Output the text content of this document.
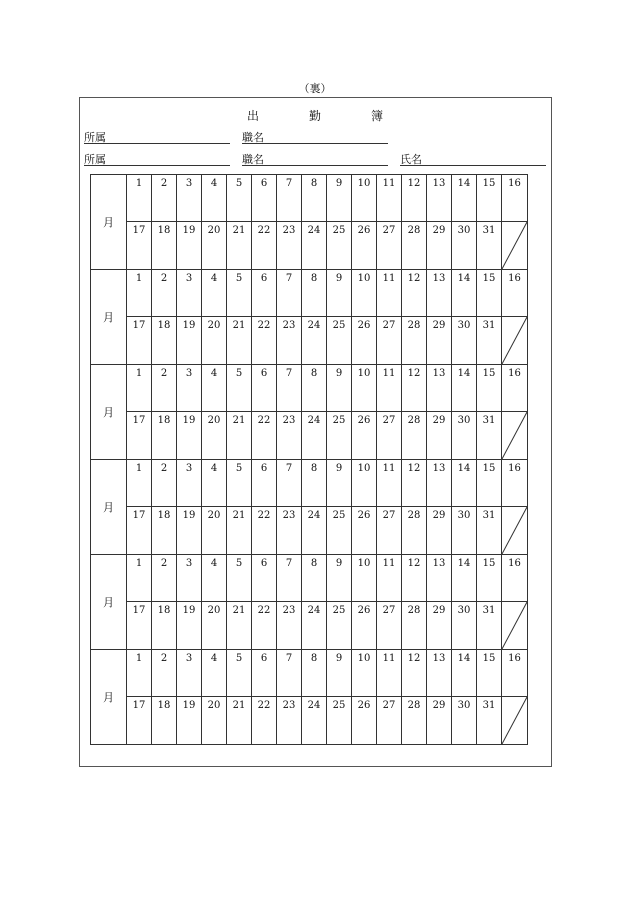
（裏）
出	勤	簿
所属	職名
所属	職名	氏名
月	1	2	3	4	5	6	7	8	9	10	11	12	13	14	15	16
	17	18	19	20	21	22	23	24	25	26	27	28	29	30	31	

月	1	2	3	4	5	6	7	8	9	10	11	12	13	14	15	16
	17	18	19	20	21	22	23	24	25	26	27	28	29	30	31	

月	1	2	3	4	5	6	7	8	9	10	11	12	13	14	15	16
	17	18	19	20	21	22	23	24	25	26	27	28	29	30	31	

月	1	2	3	4	5	6	7	8	9	10	11	12	13	14	15	16
	17	18	19	20	21	22	23	24	25	26	27	28	29	30	31	

月	1	2	3	4	5	6	7	8	9	10	11	12	13	14	15	16
	17	18	19	20	21	22	23	24	25	26	27	28	29	30	31	

月	1	2	3	4	5	6	7	8	9	10	11	12	13	14	15	16
	17	18	19	20	21	22	23	24	25	26	27	28	29	30	31	
